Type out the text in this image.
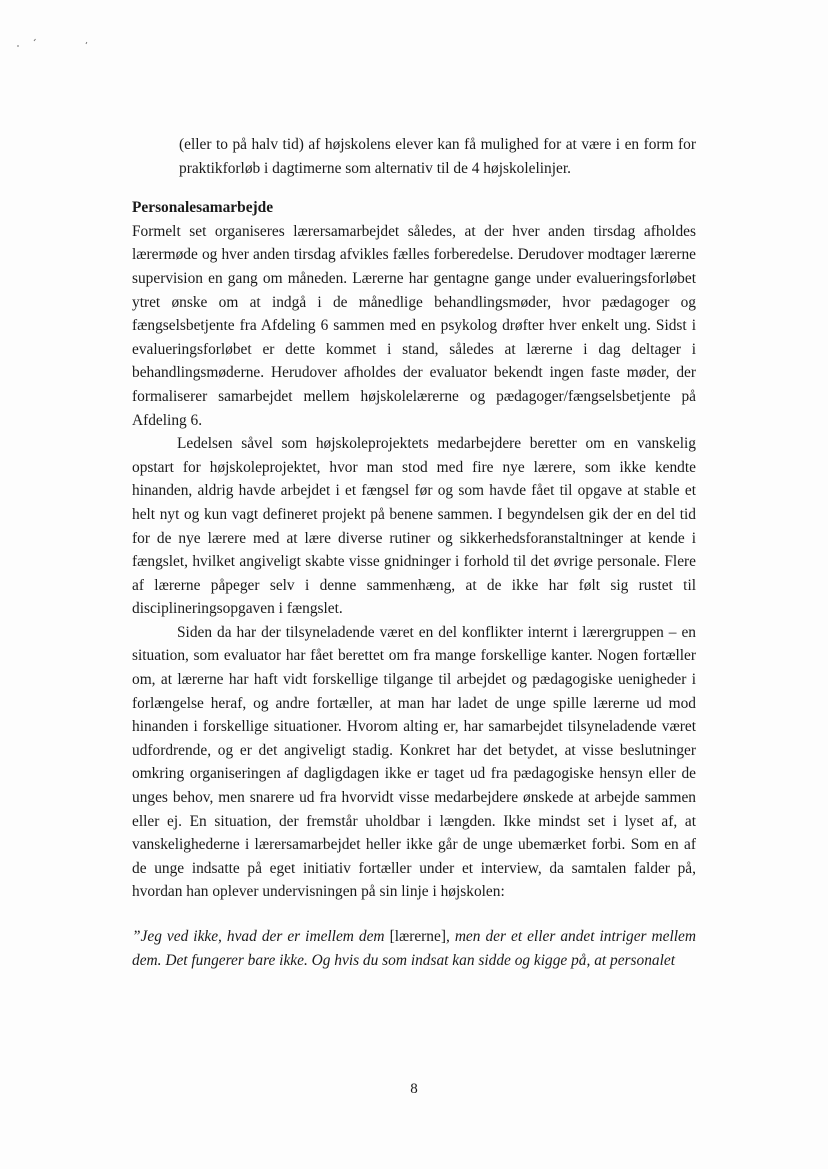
(eller to på halv tid) af højskolens elever kan få mulighed for at være i en form for praktikforløb i dagtimerne som alternativ til de 4 højskolelinjer.

Personalesamarbejde

Formelt set organiseres lærersamarbejdet således, at der hver anden tirsdag afholdes lærermøde og hver anden tirsdag afvikles fælles forberedelse. Derudover modtager lærerne supervision en gang om måneden. Lærerne har gentagne gange under evalueringsforløbet ytret ønske om at indgå i de månedlige behandlingsmøder, hvor pædagoger og fængselsbetjente fra Afdeling 6 sammen med en psykolog drøfter hver enkelt ung. Sidst i evalueringsforløbet er dette kommet i stand, således at lærerne i dag deltager i behandlingsmøderne. Herudover afholdes der evaluator bekendt ingen faste møder, der formaliserer samarbejdet mellem højskolelærerne og pædagoger/fængselsbetjente på Afdeling 6.

Ledelsen såvel som højskoleprojektets medarbejdere beretter om en vanskelig opstart for højskoleprojektet, hvor man stod med fire nye lærere, som ikke kendte hinanden, aldrig havde arbejdet i et fængsel før og som havde fået til opgave at stable et helt nyt og kun vagt defineret projekt på benene sammen. I begyndelsen gik der en del tid for de nye lærere med at lære diverse rutiner og sikkerhedsforanstaltninger at kende i fængslet, hvilket angiveligt skabte visse gnidninger i forhold til det øvrige personale. Flere af lærerne påpeger selv i denne sammenhæng, at de ikke har følt sig rustet til disciplineringsopgaven i fængslet.

Siden da har der tilsyneladende været en del konflikter internt i lærergruppen – en situation, som evaluator har fået berettet om fra mange forskellige kanter. Nogen fortæller om, at lærerne har haft vidt forskellige tilgange til arbejdet og pædagogiske uenigheder i forlængelse heraf, og andre fortæller, at man har ladet de unge spille lærerne ud mod hinanden i forskellige situationer. Hvorom alting er, har samarbejdet tilsyneladende været udfordrende, og er det angiveligt stadig. Konkret har det betydet, at visse beslutninger omkring organiseringen af dagligdagen ikke er taget ud fra pædagogiske hensyn eller de unges behov, men snarere ud fra hvorvidt visse medarbejdere ønskede at arbejde sammen eller ej. En situation, der fremstår uholdbar i længden. Ikke mindst set i lyset af, at vanskelighederne i lærersamarbejdet heller ikke går de unge ubemærket forbi. Som en af de unge indsatte på eget initiativ fortæller under et interview, da samtalen falder på, hvordan han oplever undervisningen på sin linje i højskolen:

”Jeg ved ikke, hvad der er imellem dem [lærerne], men der et eller andet intriger mellem dem. Det fungerer bare ikke. Og hvis du som indsat kan sidde og kigge på, at personalet

8
